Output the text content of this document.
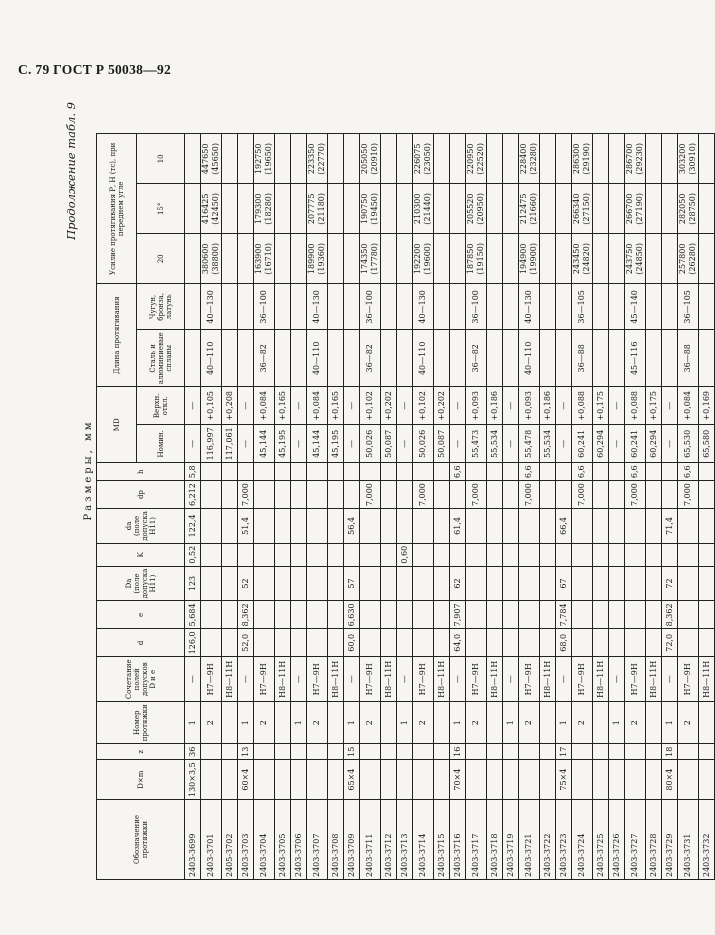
С. 79 ГОСТ Р 50038—92
Продолжение табл. 9
Размеры, мм
Обозначение протяжки	D×m	z	Номер протяжки	Сочетание полей допусков D и e	d	e	Da (поле допуска H11)	K	da (поле допуска H11)	dp	h	MD		Длина протягивания		Усилие протягивания Р, Н (тс), при переднем угле		
												Номин.	Верхн. откл.	Сталь и алюминиевые сплавы	Чугун, бронза, латунь	20	15°	10
2403-3699	130×3,5	36	1	—	126,0	5,684	123	0,52	122,4	6,212	5,8	—	—					
2403-3701			2	H7—9H								116,997	+0,105	40—110	40—130	380600 (38800)	416425 (42450)	447650 (45650)
2405-3702				H8—11H								117,061	+0,208					
2403-3703	60×4	13	1	—	52,0	8,362	52		51,4	7,000		—	—					
2403-3704			2	H7—9H								45,144	+0,084	36—82	36—100	163900 (16710)	179300 (18280)	192750 (19650)
2403-3705				H8—11H								45,195	+0,165					
2403-3706			1	—								—	—					
2403-3707			2	H7—9H								45,144	+0,084	40—110	40—130	189900 (19360)	207775 (21180)	223350 (22770)
2403-3708				H8—11H								45,195	+0,165					
2403-3709	65×4	15	1	—	60,0	6,630	57		56,4			—	—					
2403-3711			2	H7—9H						7,000		50,026	+0,102	36—82	36—100	174350 (17780)	190750 (19450)	205050 (20910)
2403-3712				H8—11H								50,087	+0,202					
2403-3713			1	—				0,60				—	—					
2403-3714			2	H7—9H						7,000		50,026	+0,102	40—110	40—130	192200 (19600)	210300 (21440)	226075 (23050)
2403-3715				H8—11H								50,087	+0,202					
2403-3716	70×4	16	1	—	64,0	7,907	62		61,4		6,6	—	—					
2403-3717			2	H7—9H						7,000		55,473	+0,093	36—82	36—100	187850 (19150)	205520 (20950)	220950 (22520)
2403-3718				H8—11H								55,534	+0,186					
2403-3719			1	—								—	—					
2403-3721			2	H7—9H						7,000	6,6	55,478	+0,093	40—110	40—130	194900 (19900)	212475 (21660)	228400 (23280)
2403-3722				H8—11H								55,534	+0,186					
2403-3723	75×4	17	1	—	68,0	7,784	67		66,4			—	—					
2403-3724			2	H7—9H						7,000	6,6	60,241	+0,088	36—88	36—105	243450 (24820)	266340 (27150)	286300 (29190)
2403-3725				H8—11H								60,294	+0,175					
2403-3726			1	—								—	—					
2403-3727			2	H7—9H						7,000	6,6	60,241	+0,088	45—116	45—140	243750 (24850)	266700 (27190)	286700 (29230)
2403-3728				H8—11H								60,294	+0,175					
2403-3729	80×4	18	1	—	72,0	8,362	72		71,4			—	—					
2403-3731			2	H7—9H						7,000	6,6	65,530	+0,084	36—88	36—105	257800 (26280)	282050 (28750)	303200 (30910)
2403-3732				H8—11H								65,580	+0,169					
